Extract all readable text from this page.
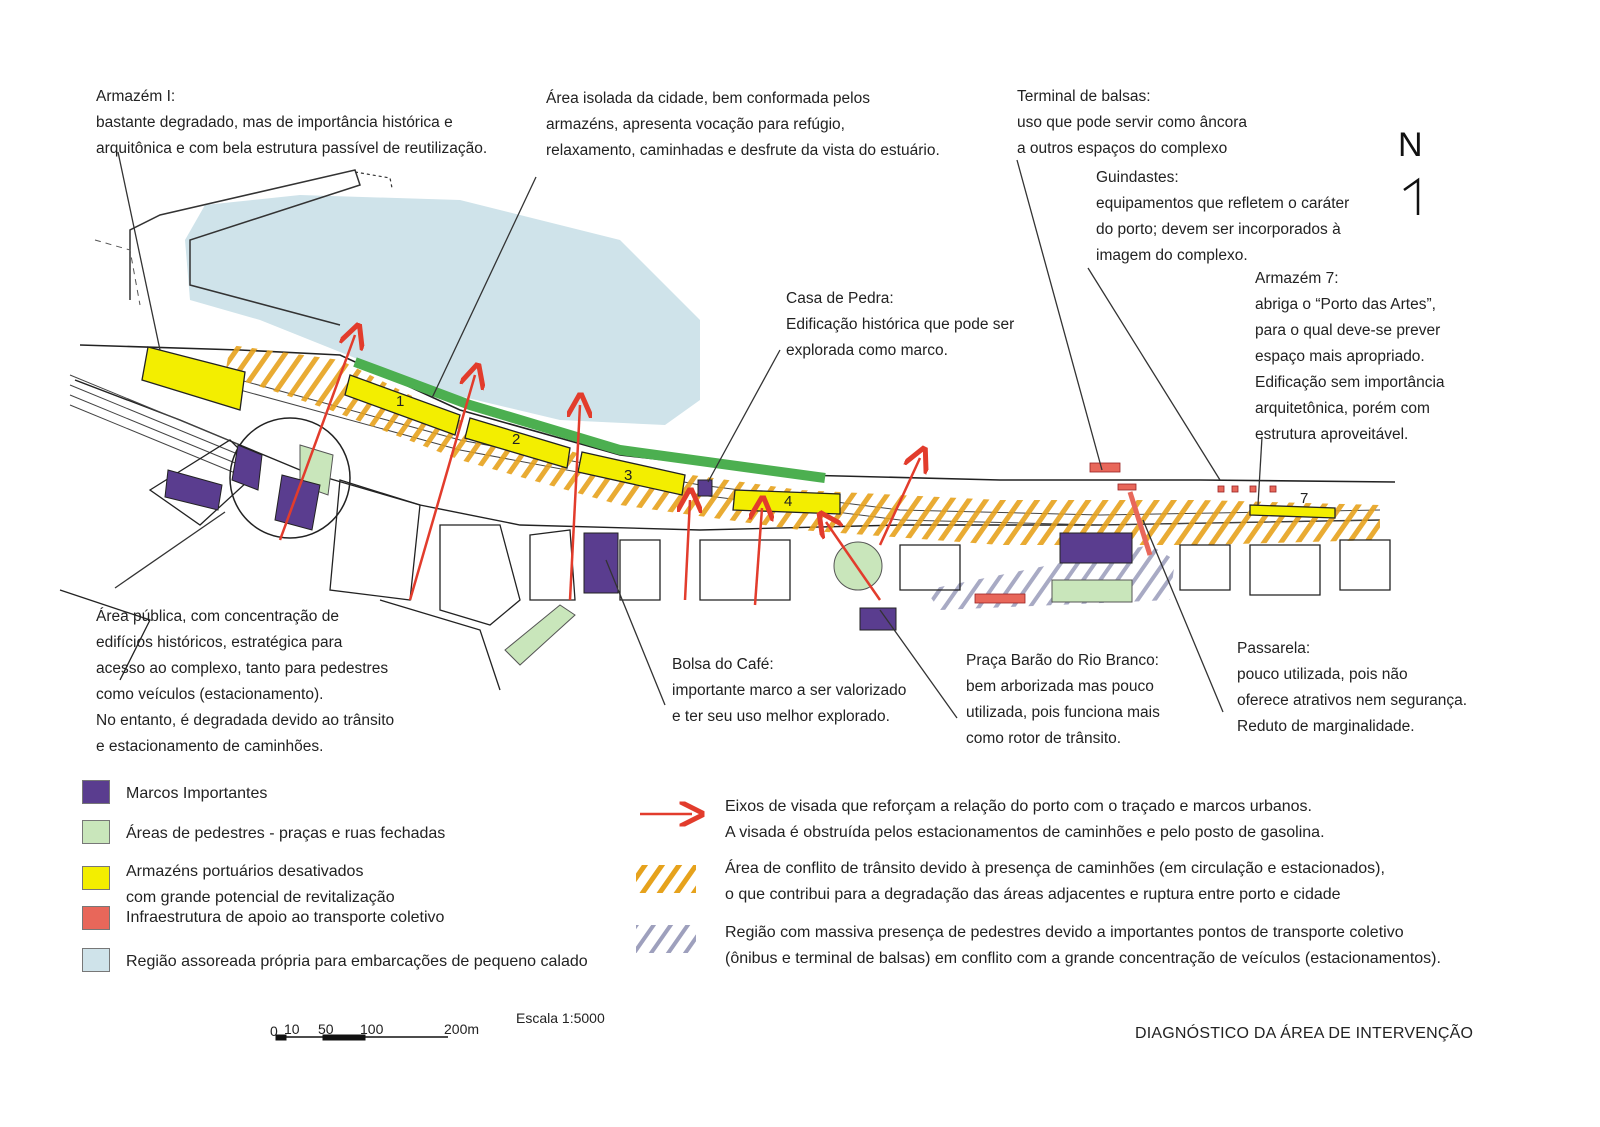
1
2
3
4	7
Armazém I:
bastante degradado, mas de importância histórica e
arquitônica e com bela estrutura passível de reutilização.
Área isolada da cidade, bem conformada pelos
armazéns, apresenta vocação para refúgio,
relaxamento, caminhadas e desfrute da vista do estuário.
Terminal de balsas:
uso que pode servir como âncora
a outros espaços do complexo
Guindastes:
equipamentos que refletem o caráter
do porto; devem ser incorporados à
imagem do complexo.
Armazém 7:
abriga o “Porto das Artes”,
para o qual deve-se prever
espaço mais apropriado.
Edificação sem importância
arquitetônica, porém com
estrutura aproveitável.
Casa de Pedra:
Edificação histórica que pode ser
explorada como marco.
Área pública, com concentração de
edifícios históricos, estratégica para
acesso ao complexo, tanto para pedestres
como veículos (estacionamento).
No entanto, é degradada devido ao trânsito
e estacionamento de caminhões.
Bolsa do Café:
importante marco a ser valorizado
e ter seu uso melhor explorado.
Praça Barão do Rio Branco:
bem arborizada mas pouco
utilizada, pois funciona mais
como rotor de trânsito.
Passarela:
pouco utilizada, pois não
oferece atrativos nem segurança.
Reduto de marginalidade.
N
Marcos Importantes
Áreas de pedestres - praças e ruas fechadas
Armazéns portuários desativados
com grande potencial de revitalização
Infraestrutura de apoio ao transporte coletivo
Região assoreada própria para embarcações de pequeno calado
Eixos de visada que reforçam a relação do porto com o traçado e marcos urbanos.
A visada é obstruída pelos estacionamentos de caminhões e pelo posto de gasolina.
Área de conflito de trânsito devido à presença de caminhões (em circulação e estacionados),
o que contribui para a degradação das áreas adjacentes e ruptura entre porto e cidade
Região com massiva presença de pedestres devido a importantes pontos de transporte coletivo
(ônibus e terminal de balsas) em conflito com a grande concentração de veículos (estacionamentos).
0 10 50 100	200m
Escala 1:5000
DIAGNÓSTICO DA ÁREA DE INTERVENÇÃO
